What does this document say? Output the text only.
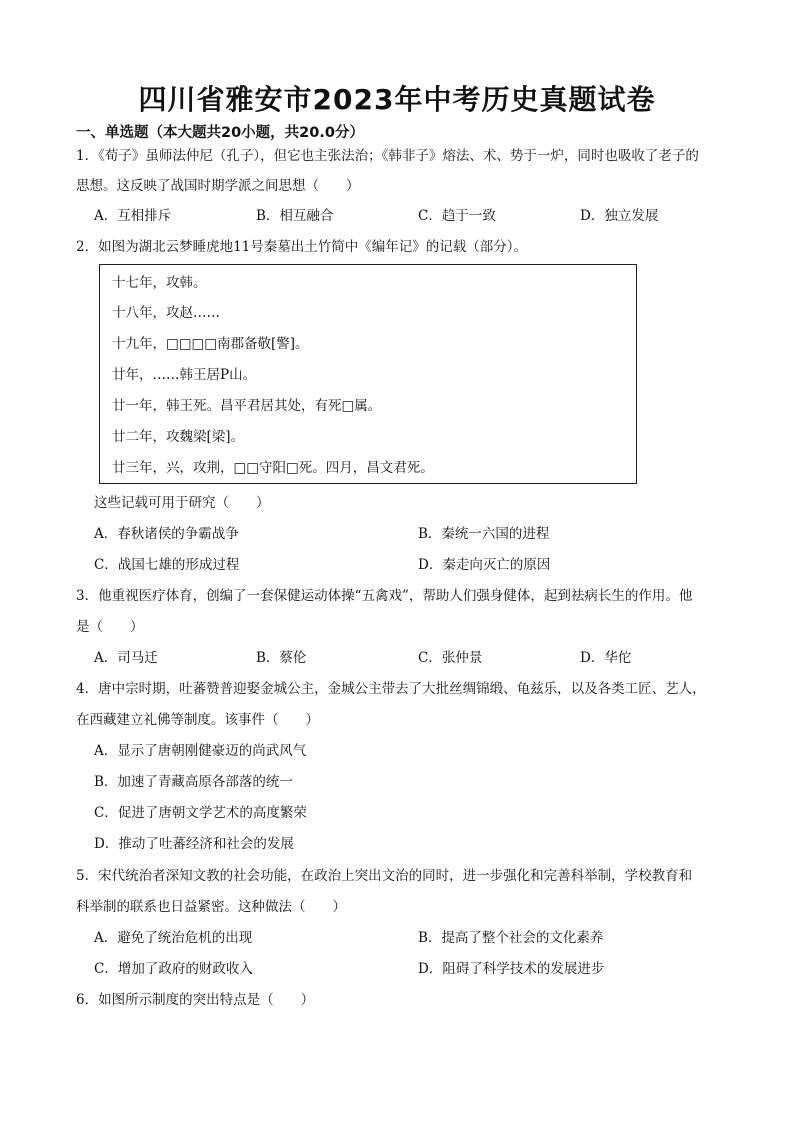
四川省雅安市2023年中考历史真题试卷
一、单选题（本大题共20小题，共20.0分）
1．《荀子》虽师法仲尼（孔子），但它也主张法治；《韩非子》熔法、术、势于一炉，同时也吸收了老子的
思想。这反映了战国时期学派之间思想（　　）
A．互相排斥	B．相互融合	C．趋于一致	D．独立发展
2．如图为湖北云梦睡虎地11号秦墓出土竹简中《编年记》的记载（部分）。
十七年，攻韩。
十八年，攻赵……
十九年，□□□□南郡备敬[警]。
廿年，……韩王居P山。
廿一年，韩王死。昌平君居其处，有死□属。
廿二年，攻魏梁[梁]。
廿三年，兴，攻荆，□□守阳□死。四月，昌文君死。
这些记载可用于研究（　　）
A．春秋诸侯的争霸战争	B．秦统一六国的进程
C．战国七雄的形成过程	D．秦走向灭亡的原因
3．他重视医疗体育，创编了一套保健运动体操“五禽戏”，帮助人们强身健体，起到祛病长生的作用。他
是（　　）
A．司马迁	B．蔡伦	C．张仲景	D．华佗
4．唐中宗时期，吐蕃赞普迎娶金城公主，金城公主带去了大批丝绸锦缎、龟兹乐，以及各类工匠、艺人，
在西藏建立礼佛等制度。该事件（　　）
A．显示了唐朝刚健豪迈的尚武风气
B．加速了青藏高原各部落的统一
C．促进了唐朝文学艺术的高度繁荣
D．推动了吐蕃经济和社会的发展
5．宋代统治者深知文教的社会功能，在政治上突出文治的同时，进一步强化和完善科举制，学校教育和
科举制的联系也日益紧密。这种做法（　　）
A．避免了统治危机的出现	B．提高了整个社会的文化素养
C．增加了政府的财政收入	D．阻碍了科学技术的发展进步
6．如图所示制度的突出特点是（　　）
